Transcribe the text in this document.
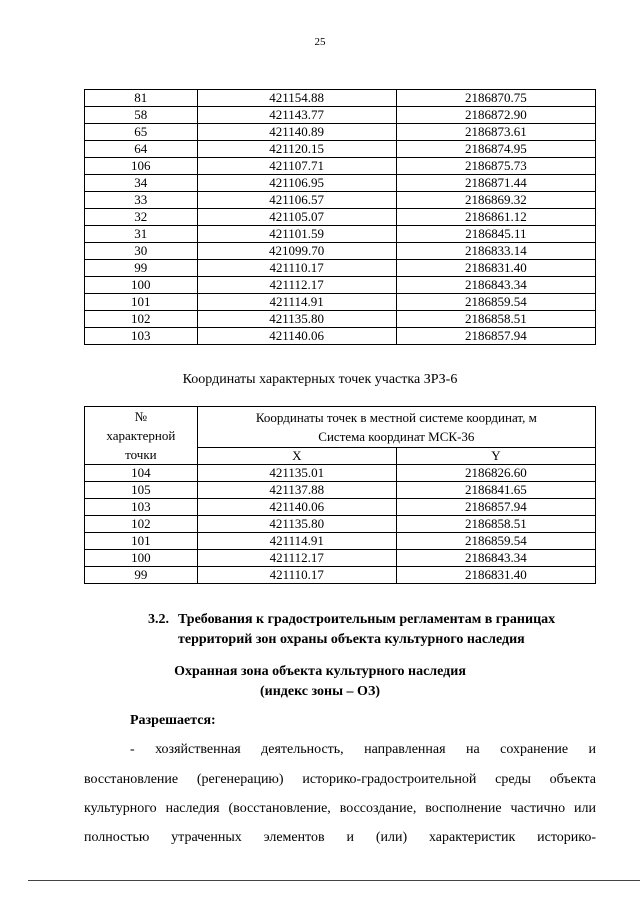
25
81	421154.88	2186870.75
58	421143.77	2186872.90
65	421140.89	2186873.61
64	421120.15	2186874.95
106	421107.71	2186875.73
34	421106.95	2186871.44
33	421106.57	2186869.32
32	421105.07	2186861.12
31	421101.59	2186845.11
30	421099.70	2186833.14
99	421110.17	2186831.40
100	421112.17	2186843.34
101	421114.91	2186859.54
102	421135.80	2186858.51
103	421140.06	2186857.94
Координаты характерных точек участка ЗРЗ-6
№
характерной
точки	Координаты точек в местной системе координат, м
Система координат МСК-36	
	X	Y
104	421135.01	2186826.60
105	421137.88	2186841.65
103	421140.06	2186857.94
102	421135.80	2186858.51
101	421114.91	2186859.54
100	421112.17	2186843.34
99	421110.17	2186831.40
3.2. Требования к градостроительным регламентам в границах
территорий зон охраны объекта культурного наследия
Охранная зона объекта культурного наследия
(индекс зоны – ОЗ)
Разрешается:
- хозяйственная деятельность, направленная на сохранение и
восстановление (регенерацию) историко-градостроительной среды объекта
культурного наследия (восстановление, воссоздание, восполнение частично или
полностью утраченных элементов и (или) характеристик историко-
